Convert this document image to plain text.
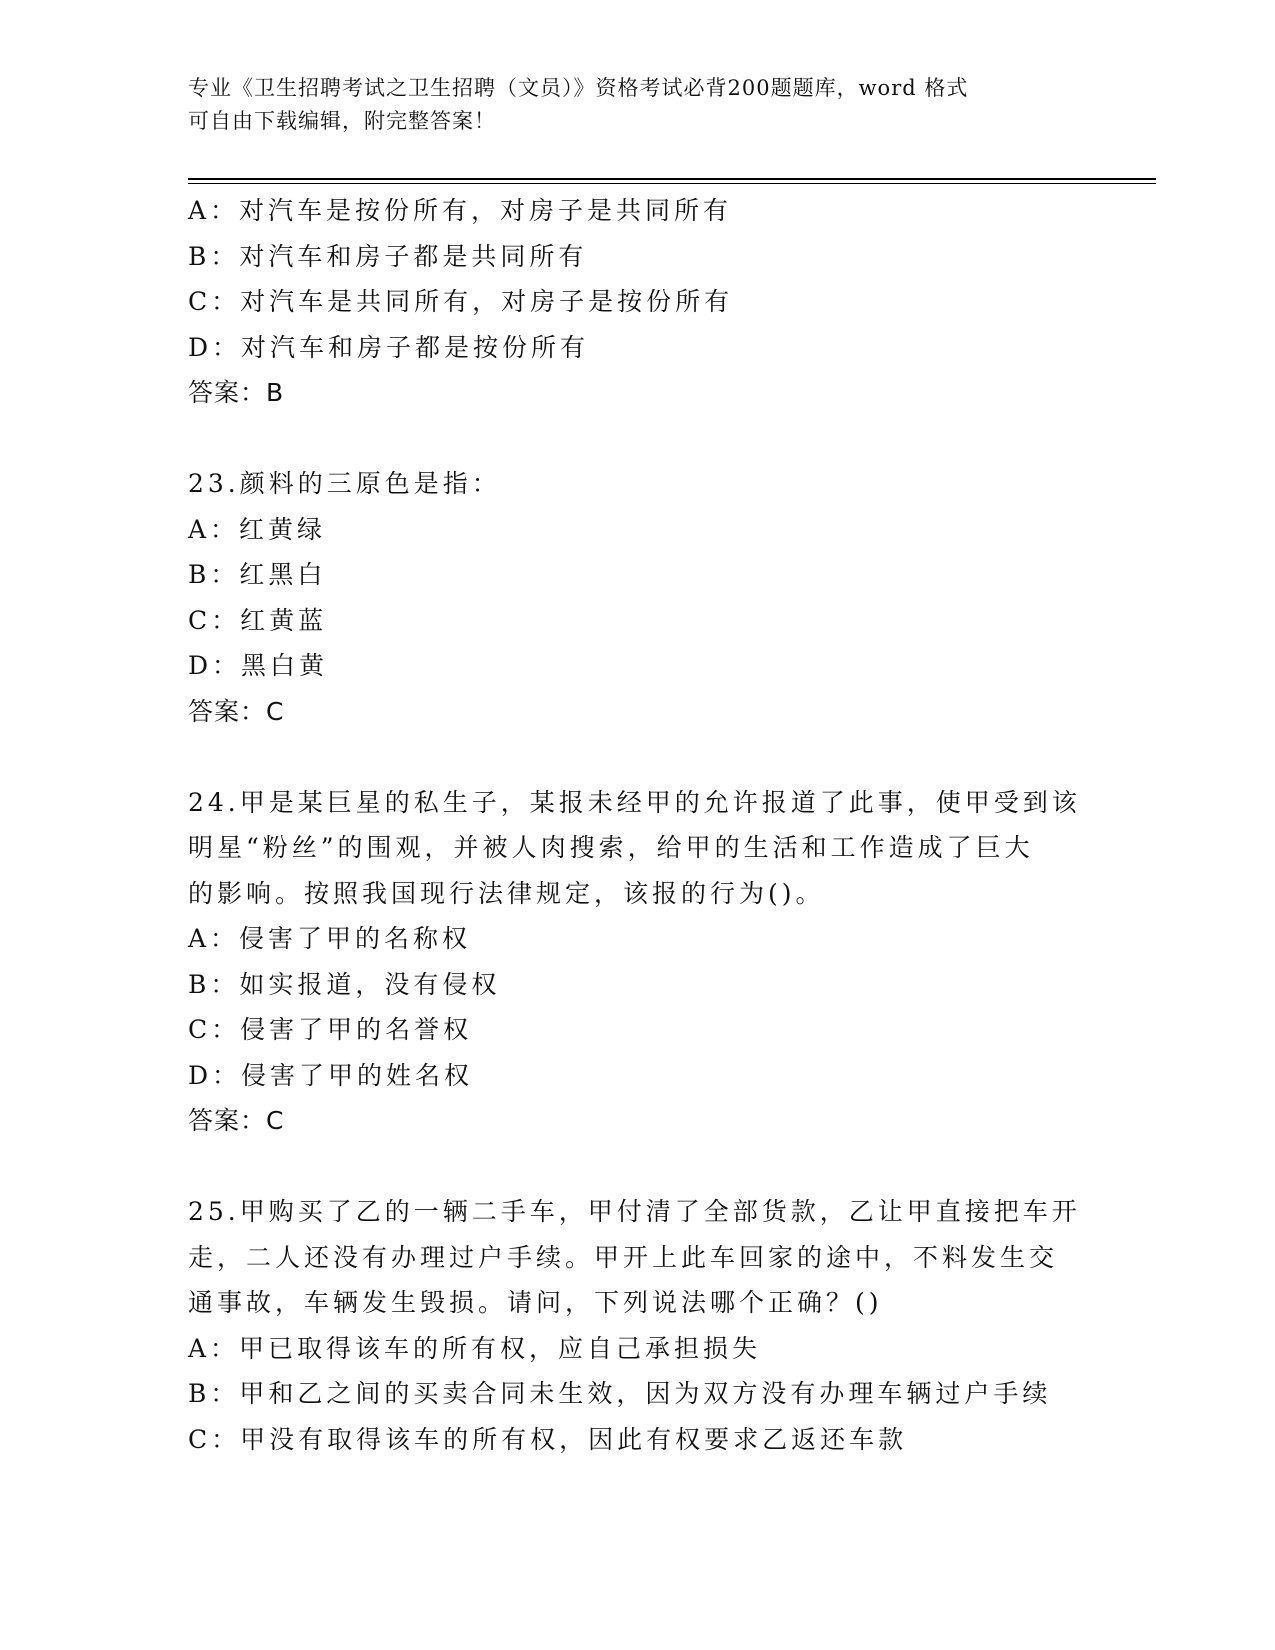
专业《卫生招聘考试之卫生招聘（文员）》资格考试必背200题题库，word 格式
可自由下载编辑，附完整答案！
A：对汽车是按份所有，对房子是共同所有
B：对汽车和房子都是共同所有
C：对汽车是共同所有，对房子是按份所有
D：对汽车和房子都是按份所有
答案：B
23.颜料的三原色是指：
A：红黄绿
B：红黑白
C：红黄蓝
D：黑白黄
答案：C
24.甲是某巨星的私生子，某报未经甲的允许报道了此事，使甲受到该
明星“粉丝”的围观，并被人肉搜索，给甲的生活和工作造成了巨大
的影响。按照我国现行法律规定，该报的行为()。
A：侵害了甲的名称权
B：如实报道，没有侵权
C：侵害了甲的名誉权
D：侵害了甲的姓名权
答案：C
25.甲购买了乙的一辆二手车，甲付清了全部货款，乙让甲直接把车开
走，二人还没有办理过户手续。甲开上此车回家的途中，不料发生交
通事故，车辆发生毁损。请问，下列说法哪个正确？()
A：甲已取得该车的所有权，应自己承担损失
B：甲和乙之间的买卖合同未生效，因为双方没有办理车辆过户手续
C：甲没有取得该车的所有权，因此有权要求乙返还车款
